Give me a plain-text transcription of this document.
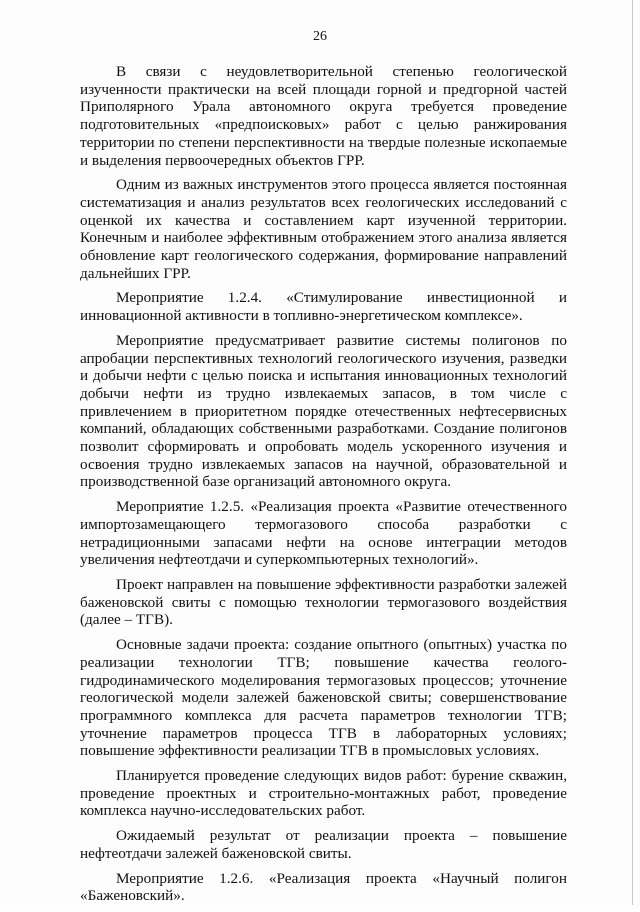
26

В связи с неудовлетворительной степенью геологической изученности практически на всей площади горной и предгорной частей Приполярного Урала автономного округа требуется проведение подготовительных «предпоисковых» работ с целью ранжирования территории по степени перспективности на твердые полезные ископаемые и выделения первоочередных объектов ГРР.

Одним из важных инструментов этого процесса является постоянная систематизация и анализ результатов всех геологических исследований с оценкой их качества и составлением карт изученной территории. Конечным и наиболее эффективным отображением этого анализа является обновление карт геологического содержания, формирование направлений дальнейших ГРР.

Мероприятие 1.2.4. «Стимулирование инвестиционной и инновационной активности в топливно-энергетическом комплексе».

Мероприятие предусматривает развитие системы полигонов по апробации перспективных технологий геологического изучения, разведки и добычи нефти с целью поиска и испытания инновационных технологий добычи нефти из трудно извлекаемых запасов, в том числе с привлечением в приоритетном порядке отечественных нефтесервисных компаний, обладающих собственными разработками. Создание полигонов позволит сформировать и опробовать модель ускоренного изучения и освоения трудно извлекаемых запасов на научной, образовательной и производственной базе организаций автономного округа.

Мероприятие 1.2.5. «Реализация проекта «Развитие отечественного импортозамещающего термогазового способа разработки с нетрадиционными запасами нефти на основе интеграции методов увеличения нефтеотдачи и суперкомпьютерных технологий».

Проект направлен на повышение эффективности разработки залежей баженовской свиты с помощью технологии термогазового воздействия (далее – ТГВ).

Основные задачи проекта: создание опытного (опытных) участка по реализации технологии ТГВ; повышение качества геолого-гидродинамического моделирования термогазовых процессов; уточнение геологической модели залежей баженовской свиты; совершенствование программного комплекса для расчета параметров технологии ТГВ; уточнение параметров процесса ТГВ в лабораторных условиях; повышение эффективности реализации ТГВ в промысловых условиях.

Планируется проведение следующих видов работ: бурение скважин, проведение проектных и строительно-монтажных работ, проведение комплекса научно-исследовательских работ.

Ожидаемый результат от реализации проекта – повышение нефтеотдачи залежей баженовской свиты.

Мероприятие 1.2.6. «Реализация проекта «Научный полигон «Баженовский».
